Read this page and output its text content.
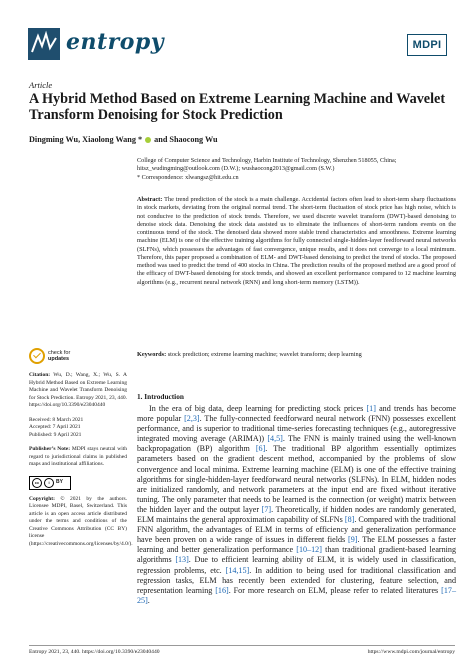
entropy	MDPI
Article
A Hybrid Method Based on Extreme Learning Machine and Wavelet Transform Denoising for Stock Prediction
Dingming Wu, Xiaolong Wang * and Shaocong Wu
College of Computer Science and Technology, Harbin Institute of Technology, Shenzhen 518055, China;
hitsz_wudingming@outlook.com (D.W.); wushaocong2013@gmail.com (S.W.)
* Correspondence: xlwangsz@hit.edu.cn
Abstract: The trend prediction of the stock is a main challenge. Accidental factors often lead to short-term sharp fluctuations in stock markets, deviating from the original normal trend. The short-term fluctuation of stock price has high noise, which is not conducive to the prediction of stock trends. Therefore, we used discrete wavelet transform (DWT)-based denoising to denoise stock data. Denoising the stock data assisted us to eliminate the influences of short-term random events on the continuous trend of the stock. The denoised data showed more stable trend characteristics and smoothness. Extreme learning machine (ELM) is one of the effective training algorithms for fully connected single-hidden-layer feedforward neural networks (SLFNs), which possesses the advantages of fast convergence, unique results, and it does not converge to a local minimum. Therefore, this paper proposed a combination of ELM- and DWT-based denoising to predict the trend of stocks. The proposed method was used to predict the trend of 400 stocks in China. The prediction results of the proposed method are a good proof of the efficacy of DWT-based denoising for stock trends, and showed an excellent performance compared to 12 machine learning algorithms (e.g., recurrent neural network (RNN) and long short-term memory (LSTM)).
Keywords: stock prediction; extreme learning machine; wavelet transform; deep learning
check for
updates
Citation: Wu, D.; Wang, X.; Wu, S. A Hybrid Method Based on Extreme Learning Machine and Wavelet Transform Denoising for Stock Prediction. Entropy 2021, 23, 440. https://doi.org/10.3390/e23040440
Received: 8 March 2021
Accepted: 7 April 2021
Published: 9 April 2021
Publisher’s Note: MDPI stays neutral with regard to jurisdictional claims in published maps and institutional affiliations.
cc	i	BY
Copyright: © 2021 by the authors. Licensee MDPI, Basel, Switzerland. This article is an open access article distributed under the terms and conditions of the Creative Commons Attribution (CC BY) license (https://creativecommons.org/licenses/by/4.0/).
1. Introduction
In the era of big data, deep learning for predicting stock prices [1] and trends has become more popular [2,3]. The fully-connected feedforward neural network (FNN) possesses excellent performance, and is superior to traditional time-series forecasting techniques (e.g., autoregressive integrated moving average (ARIMA)) [4,5]. The FNN is mainly trained using the well-known backpropagation (BP) algorithm [6]. The traditional BP algorithm essentially optimizes parameters based on the gradient descent method, accompanied by the problems of slow convergence and local minima. Extreme learning machine (ELM) is one of the effective training algorithms for single-hidden-layer feedforward neural networks (SLFNs). In ELM, hidden nodes are initialized randomly, and network parameters at the input end are fixed without iterative tuning. The only parameter that needs to be learned is the connection (or weight) matrix between the hidden layer and the output layer [7]. Theoretically, if hidden nodes are randomly generated, ELM maintains the general approximation capability of SLFNs [8]. Compared with the traditional FNN algorithm, the advantages of ELM in terms of efficiency and generalization performance have been proven on a wide range of issues in different fields [9]. The ELM possesses a faster learning and better generalization performance [10–12] than traditional gradient-based learning algorithms [13]. Due to efficient learning ability of ELM, it is widely used in classification, regression problems, etc. [14,15]. In addition to being used for traditional classification and regression tasks, ELM has recently been extended for clustering, feature selection, and representation learning [16]. For more research on ELM, please refer to related literatures [17–25].
Entropy 2021, 23, 440. https://doi.org/10.3390/e23040440	https://www.mdpi.com/journal/entropy
